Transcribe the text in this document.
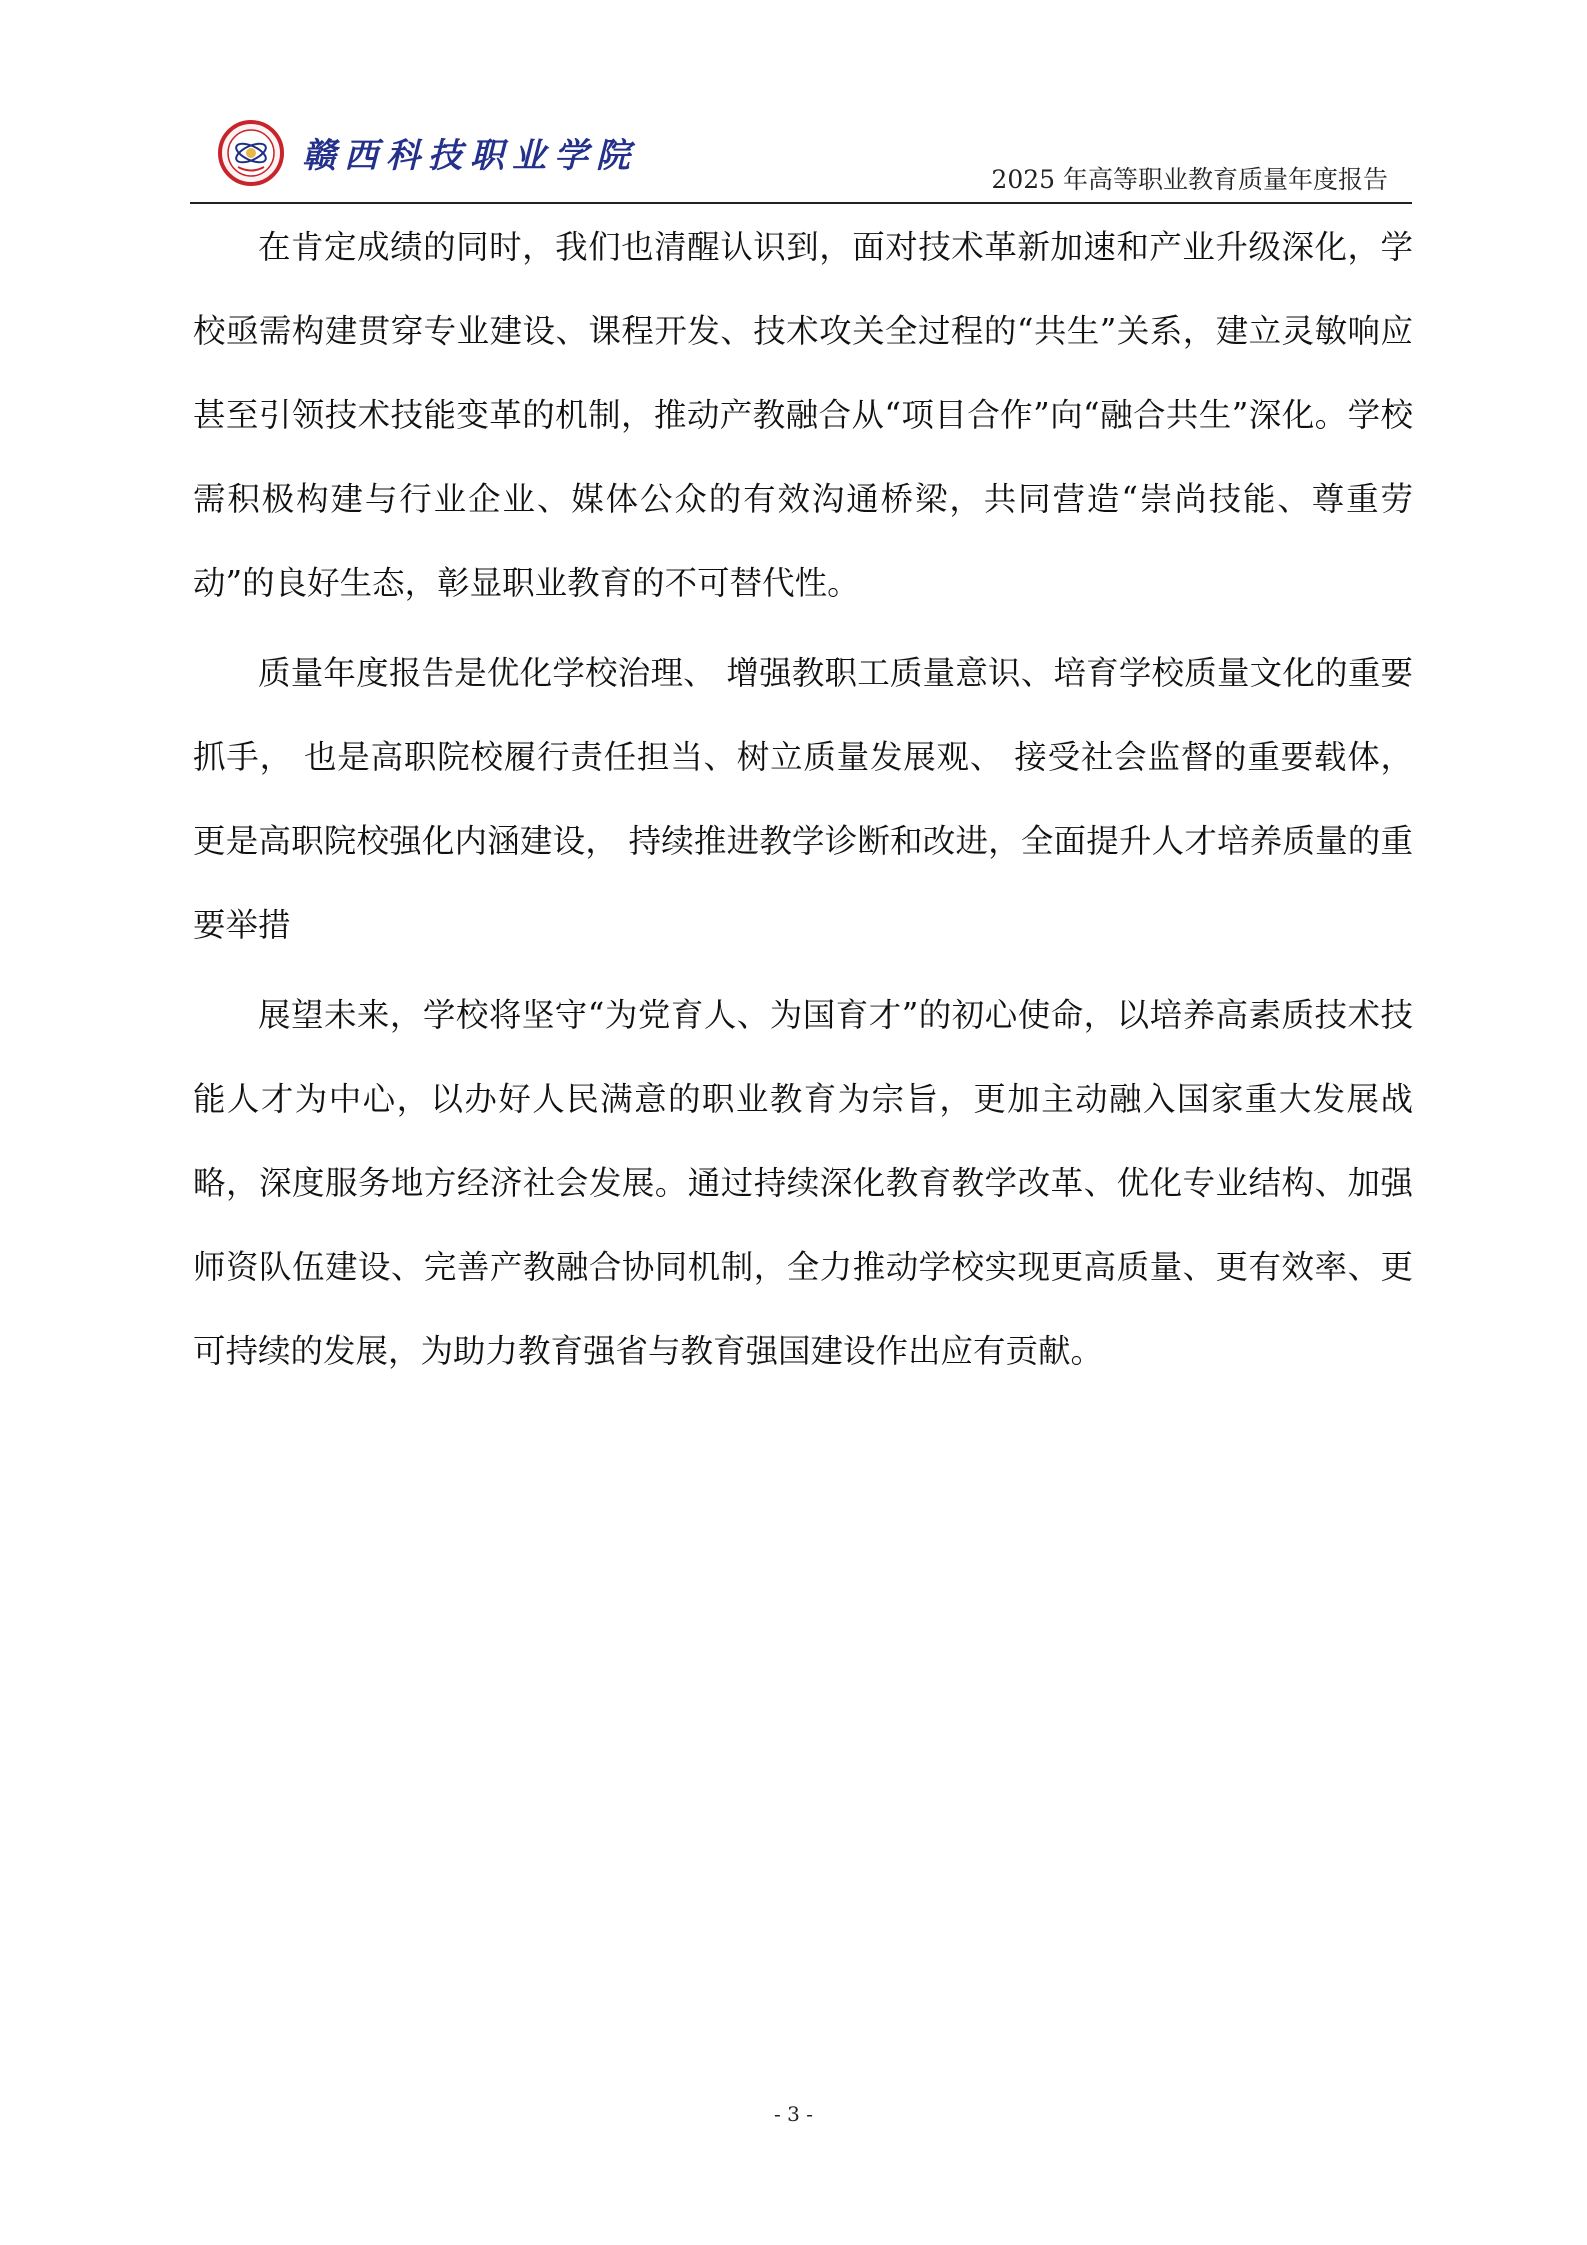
赣西科技职业学院
2025 年高等职业教育质量年度报告

在肯定成绩的同时，我们也清醒认识到，面对技术革新加速和产业升级深化，学校亟需构建贯穿专业建设、课程开发、技术攻关全过程的“共生”关系，建立灵敏响应甚至引领技术技能变革的机制，推动产教融合从“项目合作”向“融合共生”深化。学校需积极构建与行业企业、媒体公众的有效沟通桥梁，共同营造“崇尚技能、尊重劳动”的良好生态，彰显职业教育的不可替代性。

质量年度报告是优化学校治理、 增强教职工质量意识、培育学校质量文化的重要抓手， 也是高职院校履行责任担当、树立质量发展观、 接受社会监督的重要载体，更是高职院校强化内涵建设， 持续推进教学诊断和改进，全面提升人才培养质量的重要举措

展望未来，学校将坚守“为党育人、为国育才”的初心使命，以培养高素质技术技能人才为中心，以办好人民满意的职业教育为宗旨，更加主动融入国家重大发展战略，深度服务地方经济社会发展。通过持续深化教育教学改革、优化专业结构、加强师资队伍建设、完善产教融合协同机制，全力推动学校实现更高质量、更有效率、更可持续的发展，为助力教育强省与教育强国建设作出应有贡献。

- 3 -
